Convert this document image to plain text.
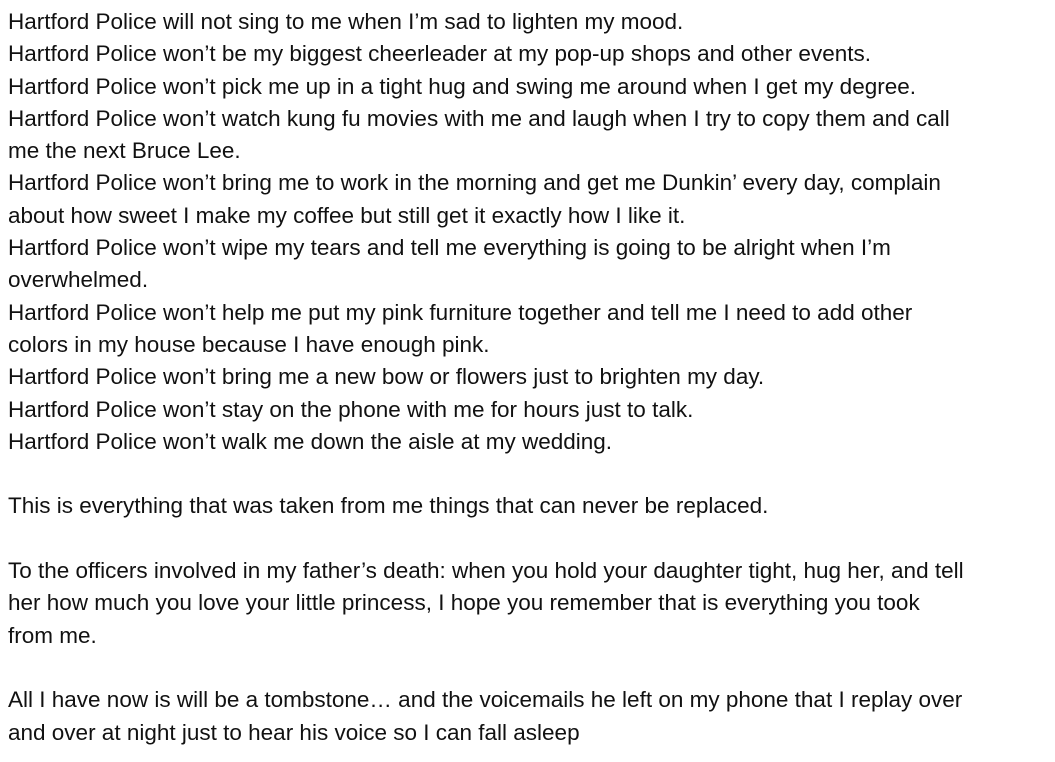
Hartford Police will not sing to me when I’m sad to lighten my mood.
Hartford Police won’t be my biggest cheerleader at my pop-up shops and other events.
Hartford Police won’t pick me up in a tight hug and swing me around when I get my degree.
Hartford Police won’t watch kung fu movies with me and laugh when I try to copy them and call
me the next Bruce Lee.
Hartford Police won’t bring me to work in the morning and get me Dunkin’ every day, complain
about how sweet I make my coffee but still get it exactly how I like it.
Hartford Police won’t wipe my tears and tell me everything is going to be alright when I’m
overwhelmed.
Hartford Police won’t help me put my pink furniture together and tell me I need to add other
colors in my house because I have enough pink.
Hartford Police won’t bring me a new bow or flowers just to brighten my day.
Hartford Police won’t stay on the phone with me for hours just to talk.
Hartford Police won’t walk me down the aisle at my wedding.
This is everything that was taken from me things that can never be replaced.
To the officers involved in my father’s death: when you hold your daughter tight, hug her, and tell
her how much you love your little princess, I hope you remember that is everything you took
from me.
All I have now is will be a tombstone… and the voicemails he left on my phone that I replay over
and over at night just to hear his voice so I can fall asleep
